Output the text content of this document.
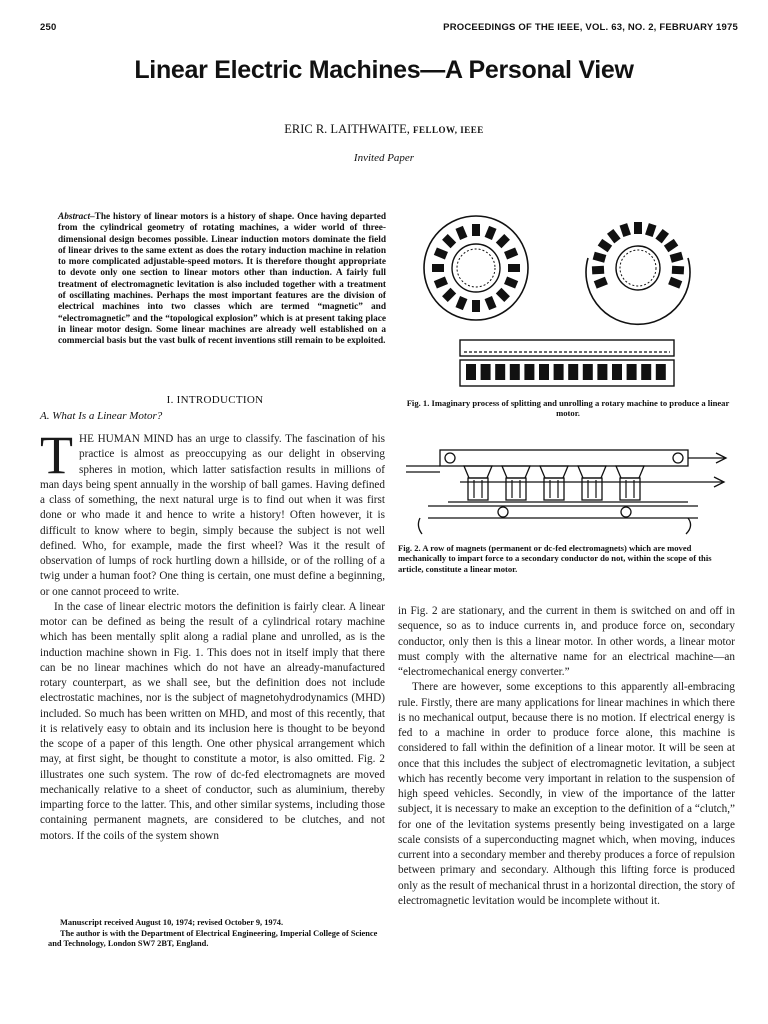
250	PROCEEDINGS OF THE IEEE, VOL. 63, NO. 2, FEBRUARY 1975
Linear Electric Machines—A Personal View
ERIC R. LAITHWAITE, FELLOW, IEEE
Invited Paper
Abstract–The history of linear motors is a history of shape. Once having departed from the cylindrical geometry of rotating machines, a wider world of three-dimensional design becomes possible. Linear induction motors dominate the field of linear drives to the same extent as does the rotary induction machine in relation to more complicated adjustable-speed motors. It is therefore thought appropriate to devote only one section to linear motors other than induction. A fairly full treatment of electromagnetic levitation is also included together with a treatment of oscillating machines. Perhaps the most important features are the division of electrical machines into two classes which are termed “magnetic” and “electromagnetic” and the “topological explosion” which is at present taking place in linear motor design. Some linear machines are already well established on a commercial basis but the vast bulk of recent inventions still remain to be exploited.
I. INTRODUCTION
A. What Is a Linear Motor?

THE HUMAN MIND has an urge to classify. The fascination of his practice is almost as preoccupying as our delight in observing spheres in motion, which latter satisfaction results in millions of man days being spent annually in the worship of ball games. Having defined a class of something, the next natural urge is to find out when it was first done or who made it and hence to write a history! Often however, it is difficult to know where to begin, simply because the subject is not well defined. Who, for example, made the first wheel? Was it the result of observation of lumps of rock hurtling down a hillside, or of the rolling of a twig under a human foot? One thing is certain, one must define a beginning, or one cannot proceed to write.

In the case of linear electric motors the definition is fairly clear. A linear motor can be defined as being the result of a cylindrical rotary machine which has been mentally split along a radial plane and unrolled, as is the induction machine shown in Fig. 1. This does not in itself imply that there can be no linear machines which do not have an already-manufactured rotary counterpart, as we shall see, but the definition does not include electrostatic machines, nor is the subject of magnetohydrodynamics (MHD) included. So much has been written on MHD, and most of this recently, that it is relatively easy to obtain and its inclusion here is thought to be beyond the scope of a paper of this length. One other physical arrangement which may, at first sight, be thought to constitute a motor, is also omitted. Fig. 2 illustrates one such system. The row of dc-fed electromagnets are moved mechanically relative to a sheet of conductor, such as aluminium, thereby imparting force to the latter. This, and other similar systems, including those containing permanent magnets, are considered to be clutches, and not motors. If the coils of the system shown

Manuscript received August 10, 1974; revised October 9, 1974.

The author is with the Department of Electrical Engineering, Imperial College of Science and Technology, London SW7 2BT, England.

Fig. 1. Imaginary process of splitting and unrolling a rotary machine to produce a linear motor.
Fig. 2. A row of magnets (permanent or dc-fed electromagnets) which are moved mechanically to impart force to a secondary conductor do not, within the scope of this article, constitute a linear motor.

in Fig. 2 are stationary, and the current in them is switched on and off in sequence, so as to induce currents in, and produce force on, secondary conductor, only then is this a linear motor. In other words, a linear motor must comply with the alternative name for an electrical machine—an “electromechanical energy converter.”

There are however, some exceptions to this apparently all-embracing rule. Firstly, there are many applications for linear machines in which there is no mechanical output, because there is no motion. If electrical energy is fed to a machine in order to produce force alone, this machine is considered to fall within the definition of a linear motor. It will be seen at once that this includes the subject of electromagnetic levitation, a subject which has recently become very important in relation to the suspension of high speed vehicles. Secondly, in view of the importance of the latter subject, it is necessary to make an exception to the definition of a “clutch,” for one of the levitation systems presently being investigated on a large scale consists of a superconducting magnet which, when moving, induces current into a secondary member and thereby produces a force of repulsion between primary and secondary. Although this lifting force is produced only as the result of mechanical thrust in a horizontal direction, the story of electromagnetic levitation would be incomplete without it.
